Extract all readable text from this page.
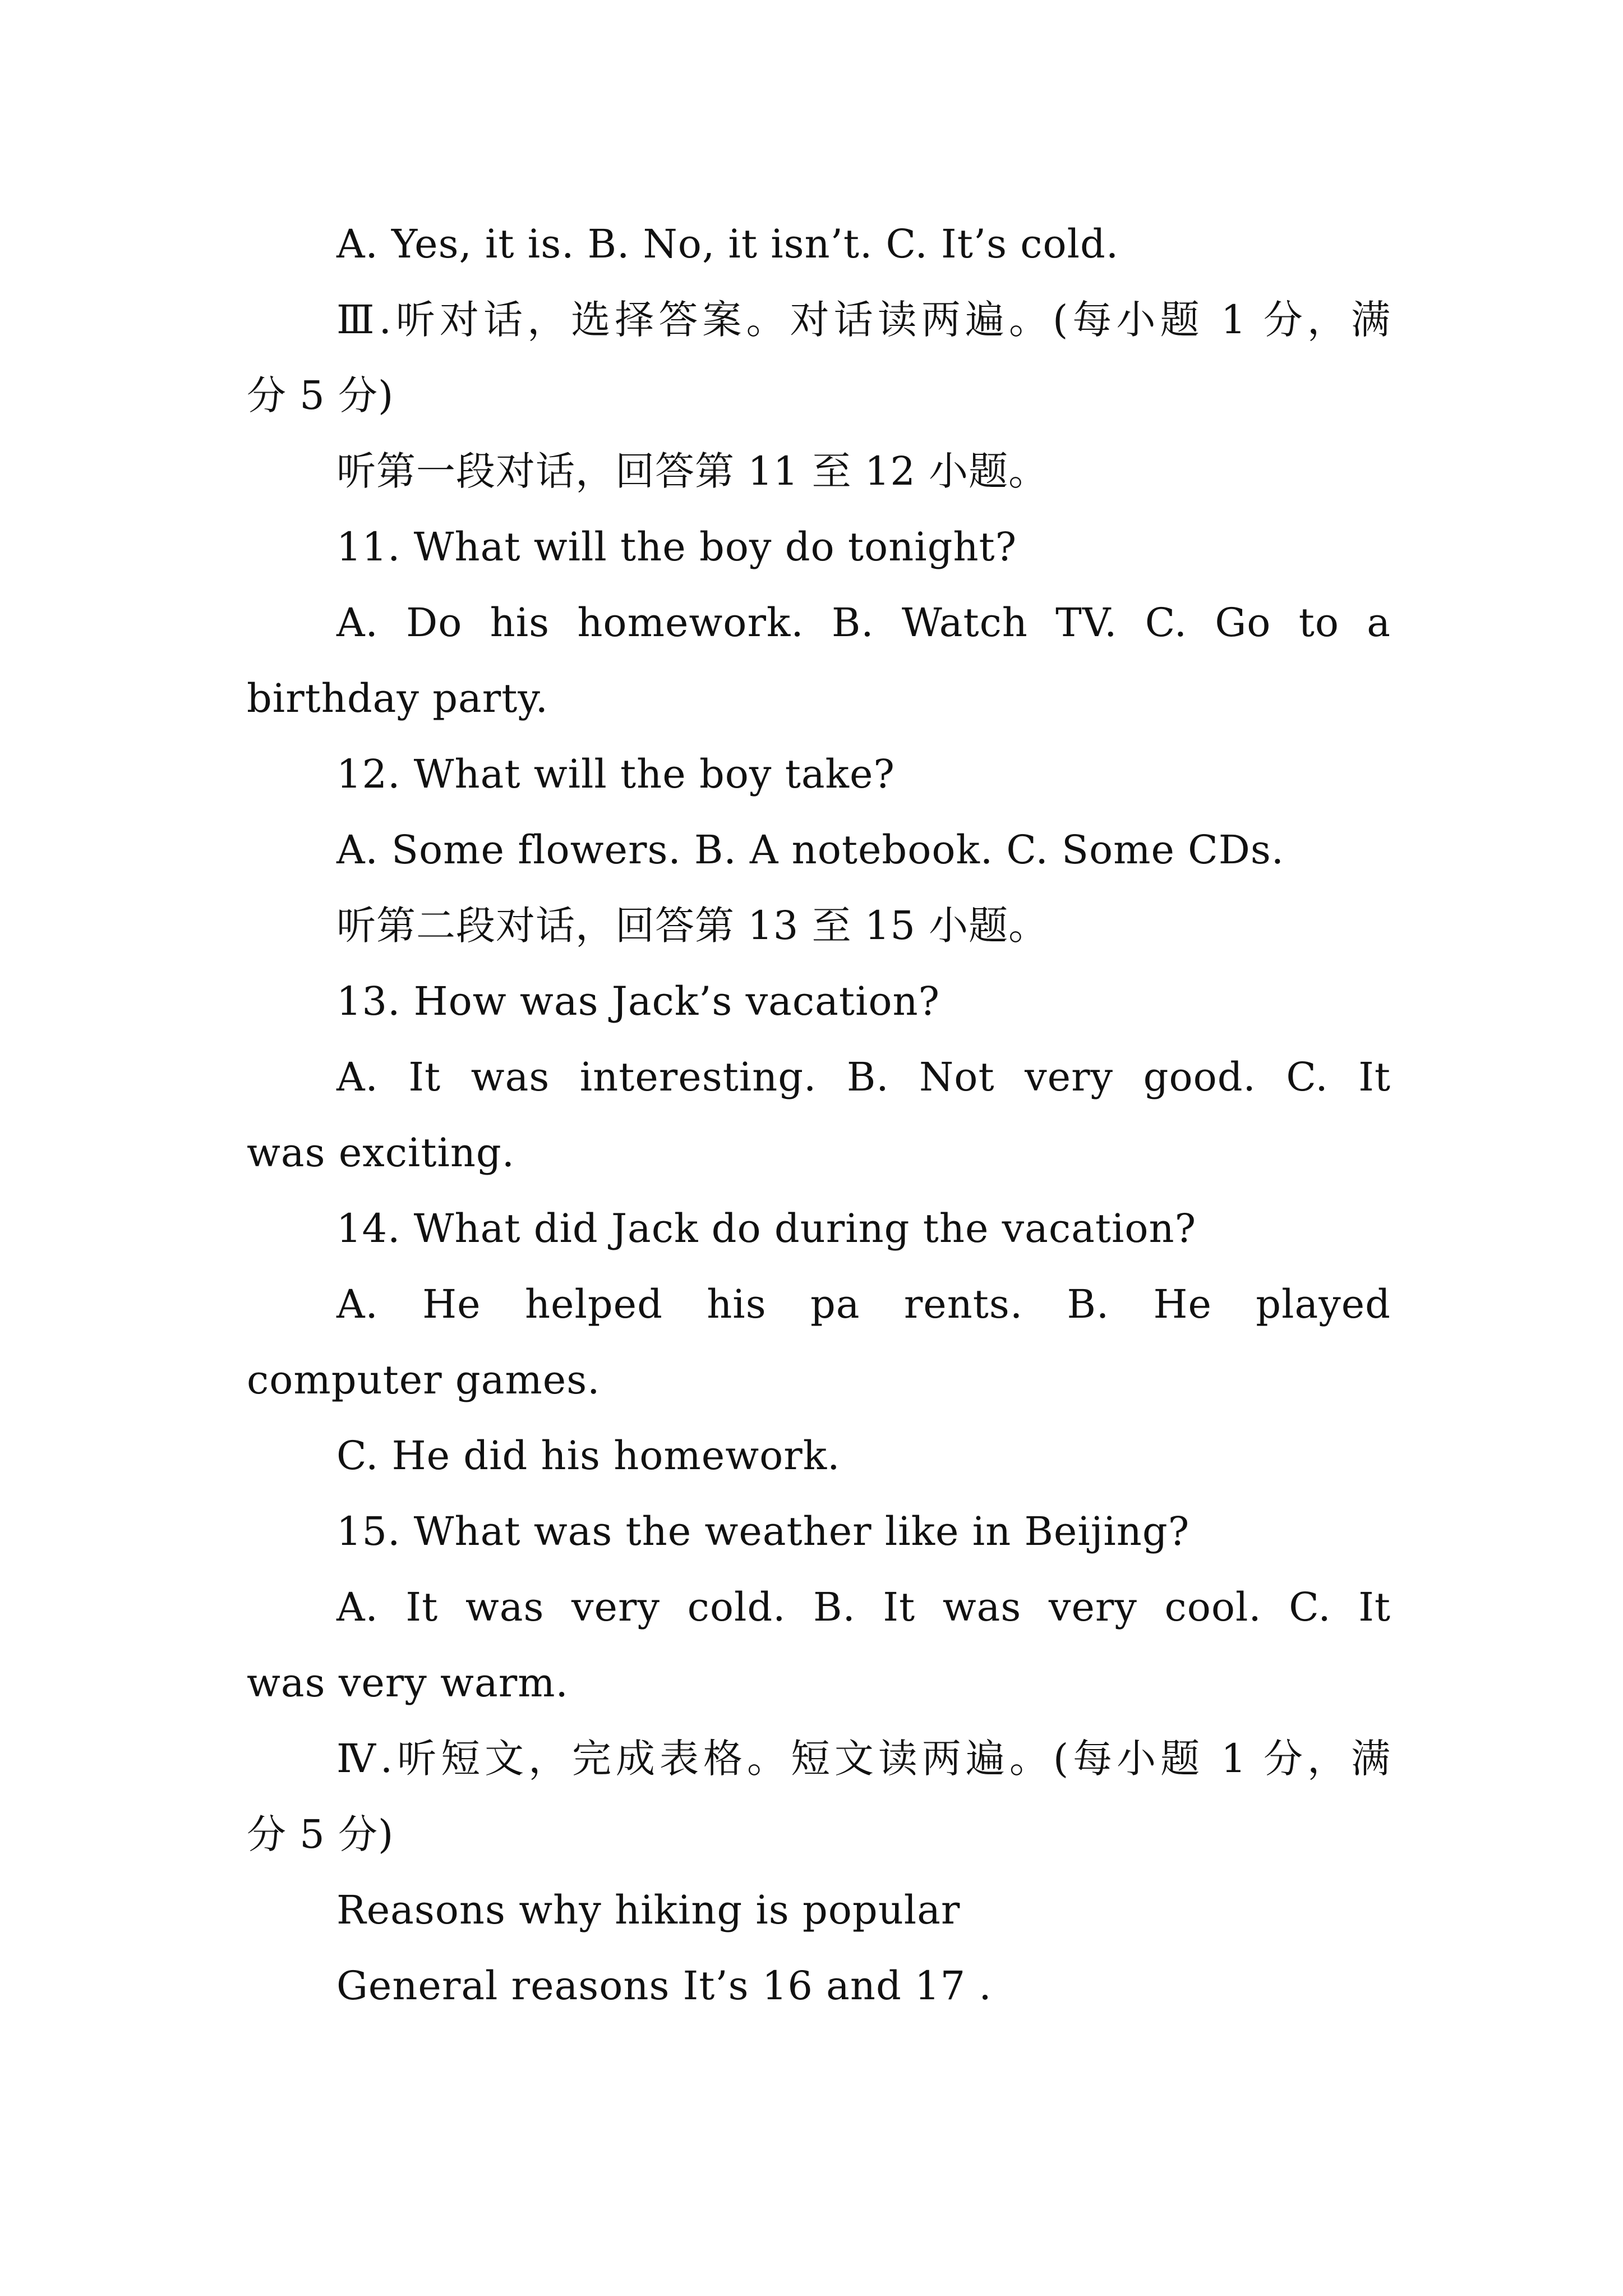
A. Yes, it is. B. No, it isn’t. C. It’s cold.
Ⅲ.听对话，选择答案。对话读两遍。(每小题 1 分，满
分 5 分)
听第一段对话，回答第 11 至 12 小题。
11. What will the boy do tonight?
A. Do his homework. B. Watch TV. C. Go to a
birthday party.
12. What will the boy take?
A. Some flowers. B. A notebook. C. Some CDs.
听第二段对话，回答第 13 至 15 小题。
13. How was Jack’s vacation?
A. It was interesting. B. Not very good. C. It
was exciting.
14. What did Jack do during the vacation?
A. He helped his pa rents. B. He played
computer games.
C. He did his homework.
15. What was the weather like in Beijing?
A. It was very cold. B. It was very cool. C. It
was very warm.
Ⅳ.听短文，完成表格。短文读两遍。(每小题 1 分，满
分 5 分)
Reasons why hiking is popular
General reasons It’s 16 and 17 .
